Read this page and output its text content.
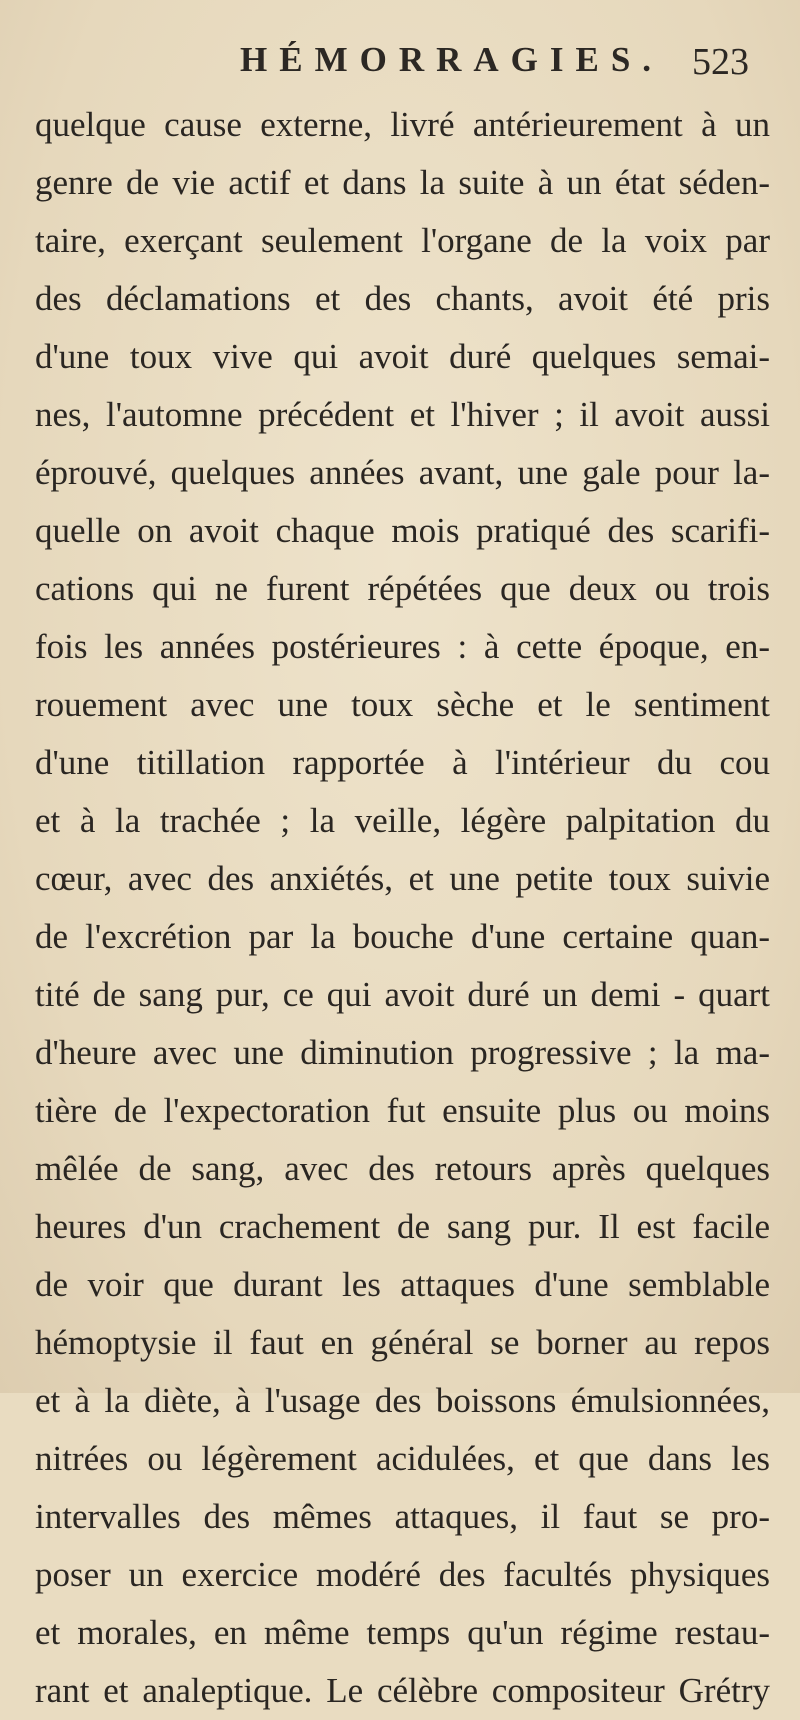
HÉMORRAGIES. 523
quelque cause externe, livré antérieurement à un
genre de vie actif et dans la suite à un état séden-
taire, exerçant seulement l'organe de la voix par
des déclamations et des chants, avoit été pris
d'une toux vive qui avoit duré quelques semai-
nes, l'automne précédent et l'hiver ; il avoit aussi
éprouvé, quelques années avant, une gale pour la-
quelle on avoit chaque mois pratiqué des scarifi-
cations qui ne furent répétées que deux ou trois
fois les années postérieures : à cette époque, en-
rouement avec une toux sèche et le sentiment
d'une titillation rapportée à l'intérieur du cou
et à la trachée ; la veille, légère palpitation du
cœur, avec des anxiétés, et une petite toux suivie
de l'excrétion par la bouche d'une certaine quan-
tité de sang pur, ce qui avoit duré un demi - quart
d'heure avec une diminution progressive ; la ma-
tière de l'expectoration fut ensuite plus ou moins
mêlée de sang, avec des retours après quelques
heures d'un crachement de sang pur. Il est facile
de voir que durant les attaques d'une semblable
hémoptysie il faut en général se borner au repos
et à la diète, à l'usage des boissons émulsionnées,
nitrées ou légèrement acidulées, et que dans les
intervalles des mêmes attaques, il faut se pro-
poser un exercice modéré des facultés physiques
et morales, en même temps qu'un régime restau-
rant et analeptique. Le célèbre compositeur Grétry
